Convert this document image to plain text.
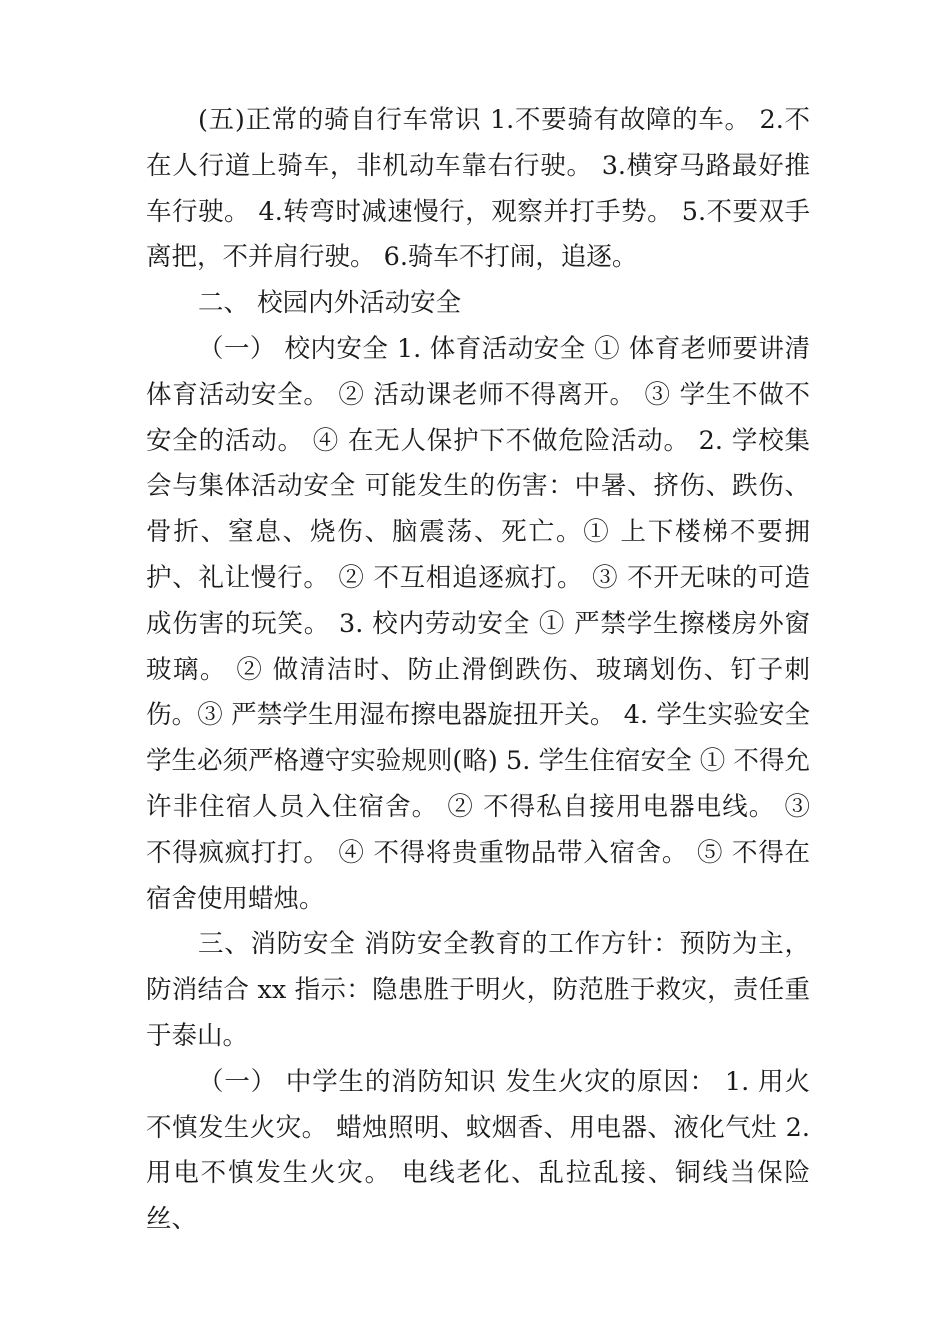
(五)正常的骑自行车常识 1.不要骑有故障的车。 2.不在人行道上骑车，非机动车靠右行驶。 3.横穿马路最好推车行驶。 4.转弯时减速慢行，观察并打手势。 5.不要双手离把，不并肩行驶。 6.骑车不打闹，追逐。

二、 校园内外活动安全

（一） 校内安全 1. 体育活动安全 ① 体育老师要讲清体育活动安全。 ② 活动课老师不得离开。 ③ 学生不做不安全的活动。 ④ 在无人保护下不做危险活动。 2. 学校集会与集体活动安全 可能发生的伤害：中暑、挤伤、跌伤、骨折、窒息、烧伤、脑震荡、死亡。① 上下楼梯不要拥护、礼让慢行。 ② 不互相追逐疯打。 ③ 不开无味的可造成伤害的玩笑。 3. 校内劳动安全 ① 严禁学生擦楼房外窗玻璃。 ② 做清洁时、防止滑倒跌伤、玻璃划伤、钉子刺伤。③ 严禁学生用湿布擦电器旋扭开关。 4. 学生实验安全 学生必须严格遵守实验规则(略) 5. 学生住宿安全 ① 不得允许非住宿人员入住宿舍。 ② 不得私自接用电器电线。 ③ 不得疯疯打打。 ④ 不得将贵重物品带入宿舍。 ⑤ 不得在宿舍使用蜡烛。

三、消防安全 消防安全教育的工作方针：预防为主，防消结合 xx 指示：隐患胜于明火，防范胜于救灾，责任重于泰山。

（一） 中学生的消防知识 发生火灾的原因： 1. 用火不慎发生火灾。 蜡烛照明、蚊烟香、用电器、液化气灶 2. 用电不慎发生火灾。 电线老化、乱拉乱接、铜线当保险丝、
